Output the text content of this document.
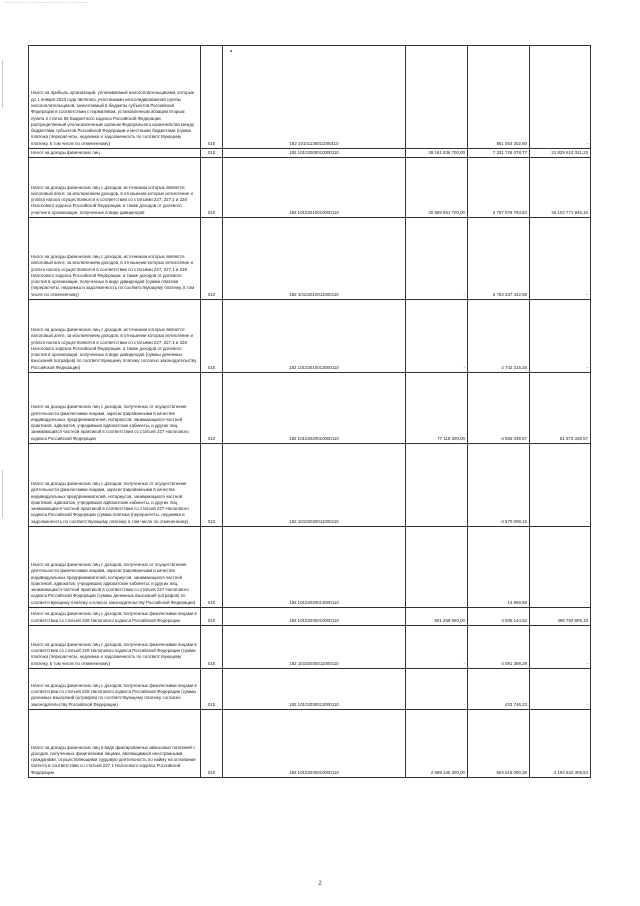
— — — — — — — — — — — — — — — — — — —
Налог на прибыль организаций, уплачиваемый налогоплательщиками, которые до 1 января 2023 года являлись участниками консолидированной группы налогоплательщиков, зачисляемый в бюджеты субъектов Российской Федерации в соответствии с нормативом, установленным абзацем вторым пункта 2 статьи 56 Бюджетного кодекса Российской Федерации, распределяемый уполномоченным органом Федерального казначейства между бюджетами субъектов Российской Федерации и местными бюджетами (сумма платежа (перерасчеты, недоимка и задолженность по соответствующему платежу, в том числе по отмененному)	010	182 10101130011000110		851 054 302,60	-

Налог на доходы физических лиц	010	182 10102000010000110	39 161 836 700,00	7 331 726 378,77	31 829 610 321,23

Налог на доходы физических лиц с доходов, источником которых является налоговый агент, за исключением доходов, в отношении которых исчисление и уплата налога осуществляются в соответствии со статьями 227, 227.1 и 228 Налогового кодекса Российской Федерации, а также доходов от долевого участия в организации, полученных в виде дивидендов	010	182 10102010010000110	30 859 851 700,00	5 757 079 753,84	25 102 771 946,16

Налог на доходы физических лиц с доходов, источником которых является налоговый агент, за исключением доходов, в отношении которых исчисление и уплата налога осуществляются в соответствии со статьями 227, 227.1 и 228 Налогового кодекса Российской Федерации, а также доходов от долевого участия в организации, полученных в виде дивидендов (сумма платежа (перерасчеты, недоимка и задолженность по соответствующему платежу, в том числе по отмененному)	010	182 10102010011000110	-	5 754 337 442,59	-

Налог на доходы физических лиц с доходов, источником которых является налоговый агент, за исключением доходов, в отношении которых исчисление и уплата налога осуществляются в соответствии со статьями 227, 227.1 и 228 Налогового кодекса Российской Федерации, а также доходов от долевого участия в организации, полученных в виде дивидендов (суммы денежных взысканий (штрафов) по соответствующему платежу согласно законодательству Российской Федерации)	010	182 10102010013000110	-	2 742 316,25	-

Налог на доходы физических лиц с доходов, полученных от осуществления деятельности физическими лицами, зарегистрированными в качестве индивидуальных предпринимателей, нотариусов, занимающихся частной практикой, адвокатов, учредивших адвокатские кабинеты, и других лиц, занимающихся частной практикой в соответствии со статьей 227 Налогового кодекса Российской Федерации	010	182 10102020010000110	77 118 300,00	-4 555 039,57	81 673 339,57

Налог на доходы физических лиц с доходов, полученных от осуществления деятельности физическими лицами, зарегистрированными в качестве индивидуальных предпринимателей, нотариусов, занимающихся частной практикой, адвокатов, учредивших адвокатские кабинеты, и других лиц, занимающихся частной практикой в соответствии со статьей 227 Налогового кодекса Российской Федерации (сумма платежа (перерасчеты, недоимка и задолженность по соответствующему платежу, в том числе по отмененному)	010	182 10102020011000110	-	-4 570 008,15	-

Налог на доходы физических лиц с доходов, полученных от осуществления деятельности физическими лицами, зарегистрированными в качестве индивидуальных предпринимателей, нотариусов, занимающихся частной практикой, адвокатов, учредивших адвокатские кабинеты, и других лиц, занимающихся частной практикой в соответствии со статьей 227 Налогового кодекса Российской Федерации (суммы денежных взысканий (штрафов) по соответствующему платежу согласно законодательству Российской Федерации)	010	182 10102020013000110	-	14 968,58	-

Налог на доходы физических лиц с доходов, полученных физическими лицами в соответствии со статьей 228 Налогового кодекса Российской Федерации	010	182 10102030010000110	501 268 950,00	4 505 144,52	496 763 805,18

Налог на доходы физических лиц с доходов, полученных физическими лицами в соответствии со статьей 228 Налогового кодекса Российской Федерации (сумма платежа (перерасчеты, недоимка и задолженность по соответствующему платежу, в том числе по отмененному)	010	182 10102030011000110	-	4 081 398,29	-

Налог на доходы физических лиц с доходов, полученных физическими лицами в соответствии со статьей 228 Налогового кодекса Российской Федерации (суммы денежных взысканий (штрафов) по соответствующему платежу согласно законодательству Российской Федерации)	010	182 10102030013000110	-	423 746,23	-

Налог на доходы физических лиц в виде фиксированных авансовых платежей с доходов, полученных физическими лицами, являющимися иностранными гражданами, осуществляющими трудовую деятельность по найму на основании патента в соответствии со статьей 227.1 Налогового кодекса Российской Федерации	010	182 10102040010000110	2 699 140 300,00	504 618 090,36	2 194 522 409,64
2
